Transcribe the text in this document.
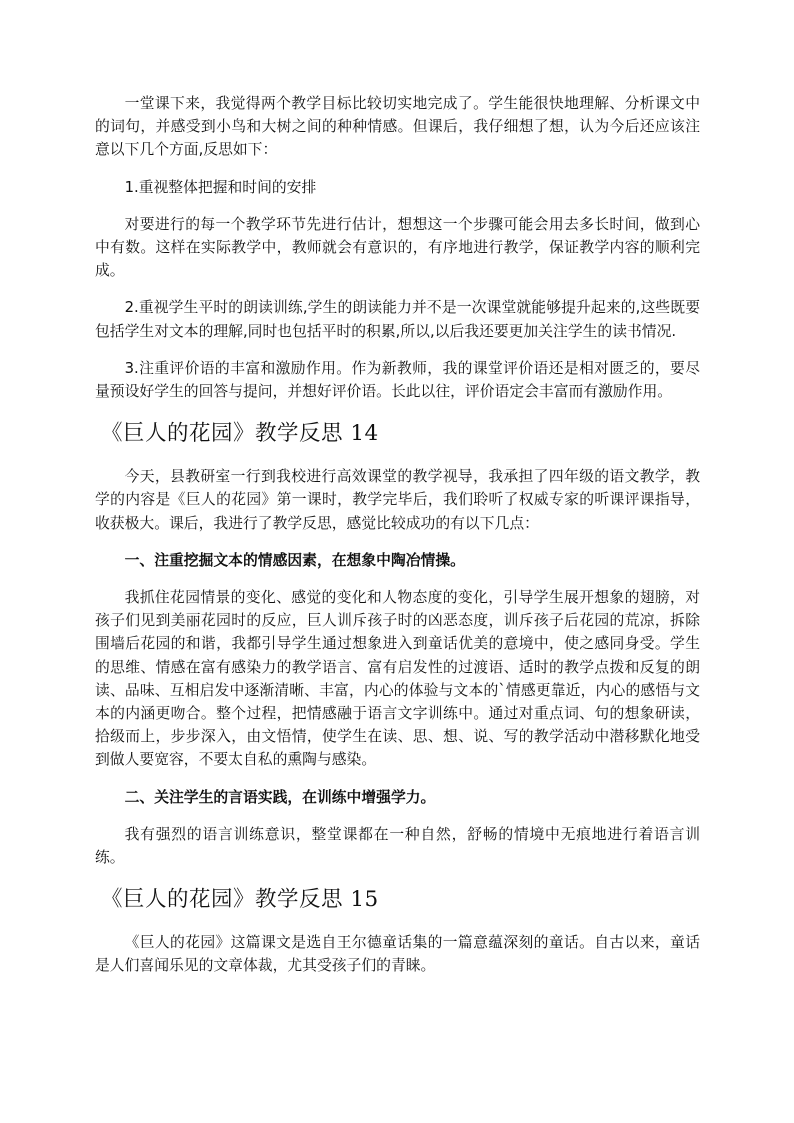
一堂课下来，我觉得两个教学目标比较切实地完成了。学生能很快地理解、分析课文中的词句，并感受到小鸟和大树之间的种种情感。但课后，我仔细想了想，认为今后还应该注意以下几个方面,反思如下：

1.重视整体把握和时间的安排

对要进行的每一个教学环节先进行估计，想想这一个步骤可能会用去多长时间，做到心中有数。这样在实际教学中，教师就会有意识的，有序地进行教学，保证教学内容的顺利完成。

2.重视学生平时的朗读训练,学生的朗读能力并不是一次课堂就能够提升起来的,这些既要包括学生对文本的理解,同时也包括平时的积累,所以,以后我还要更加关注学生的读书情况.

3.注重评价语的丰富和激励作用。作为新教师，我的课堂评价语还是相对匮乏的，要尽量预设好学生的回答与提问，并想好评价语。长此以往，评价语定会丰富而有激励作用。

《巨人的花园》教学反思 14

今天，县教研室一行到我校进行高效课堂的教学视导，我承担了四年级的语文教学，教学的内容是《巨人的花园》第一课时，教学完毕后，我们聆听了权威专家的听课评课指导，收获极大。课后，我进行了教学反思，感觉比较成功的有以下几点：

一、注重挖掘文本的情感因素，在想象中陶冶情操。

我抓住花园情景的变化、感觉的变化和人物态度的变化，引导学生展开想象的翅膀，对孩子们见到美丽花园时的反应，巨人训斥孩子时的凶恶态度，训斥孩子后花园的荒凉，拆除围墙后花园的和谐，我都引导学生通过想象进入到童话优美的意境中，使之感同身受。学生的思维、情感在富有感染力的教学语言、富有启发性的过渡语、适时的教学点拨和反复的朗读、品味、互相启发中逐渐清晰、丰富，内心的体验与文本的`情感更靠近，内心的感悟与文本的内涵更吻合。整个过程，把情感融于语言文字训练中。通过对重点词、句的想象研读，拾级而上，步步深入，由文悟情，使学生在读、思、想、说、写的教学活动中潜移默化地受到做人要宽容，不要太自私的熏陶与感染。

二、关注学生的言语实践，在训练中增强学力。

我有强烈的语言训练意识，整堂课都在一种自然，舒畅的情境中无痕地进行着语言训练。

《巨人的花园》教学反思 15

《巨人的花园》这篇课文是选自王尔德童话集的一篇意蕴深刻的童话。自古以来，童话是人们喜闻乐见的文章体裁，尤其受孩子们的青睐。
